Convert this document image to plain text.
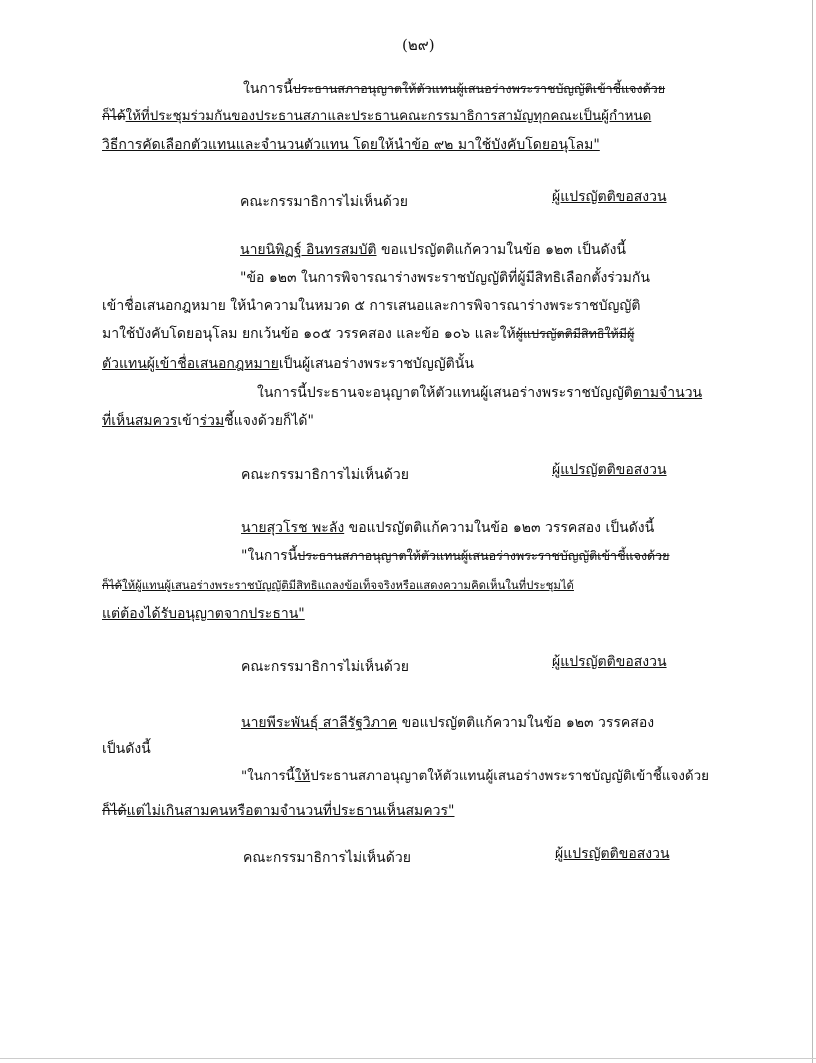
(๒๙)
ในการนี้ประธานสภาอนุญาตให้ตัวแทนผู้เสนอร่างพระราชบัญญัติเข้าชี้แจงด้วย
ก็ได้ให้ที่ประชุมร่วมกันของประธานสภาและประธานคณะกรรมาธิการสามัญทุกคณะเป็นผู้กำหนด
วิธีการคัดเลือกตัวแทนและจำนวนตัวแทน โดยให้นำข้อ ๙๒ มาใช้บังคับโดยอนุโลม"
คณะกรรมาธิการไม่เห็นด้วย	ผู้แปรญัตติขอสงวน
นายนิพิฏฐ์ อินทรสมบัติ ขอแปรญัตติแก้ความในข้อ ๑๒๓ เป็นดังนี้
"ข้อ ๑๒๓ ในการพิจารณาร่างพระราชบัญญัติที่ผู้มีสิทธิเลือกตั้งร่วมกัน
เข้าชื่อเสนอกฎหมาย ให้นำความในหมวด ๕ การเสนอและการพิจารณาร่างพระราชบัญญัติ
มาใช้บังคับโดยอนุโลม ยกเว้นข้อ ๑๐๕ วรรคสอง และข้อ ๑๐๖ และให้ผู้แปรญัตติมีสิทธิให้มีผู้
ตัวแทนผู้เข้าชื่อเสนอกฎหมายเป็นผู้เสนอร่างพระราชบัญญัตินั้น
ในการนี้ประธานจะอนุญาตให้ตัวแทนผู้เสนอร่างพระราชบัญญัติตามจำนวน
ที่เห็นสมควรเข้าร่วมชี้แจงด้วยก็ได้"
คณะกรรมาธิการไม่เห็นด้วย	ผู้แปรญัตติขอสงวน
นายสุวโรช พะลัง ขอแปรญัตติแก้ความในข้อ ๑๒๓ วรรคสอง เป็นดังนี้
"ในการนี้ประธานสภาอนุญาตให้ตัวแทนผู้เสนอร่างพระราชบัญญัติเข้าชี้แจงด้วย
ก็ได้ให้ผู้แทนผู้เสนอร่างพระราชบัญญัติมีสิทธิแถลงข้อเท็จจริงหรือแสดงความคิดเห็นในที่ประชุมได้
แต่ต้องได้รับอนุญาตจากประธาน"
คณะกรรมาธิการไม่เห็นด้วย	ผู้แปรญัตติขอสงวน
นายพีระพันธุ์ สาลีรัฐวิภาค ขอแปรญัตติแก้ความในข้อ ๑๒๓ วรรคสอง
เป็นดังนี้
"ในการนี้ให้ประธานสภาอนุญาตให้ตัวแทนผู้เสนอร่างพระราชบัญญัติเข้าชี้แจงด้วย
ก็ได้แต่ไม่เกินสามคนหรือตามจำนวนที่ประธานเห็นสมควร"
คณะกรรมาธิการไม่เห็นด้วย	ผู้แปรญัตติขอสงวน
